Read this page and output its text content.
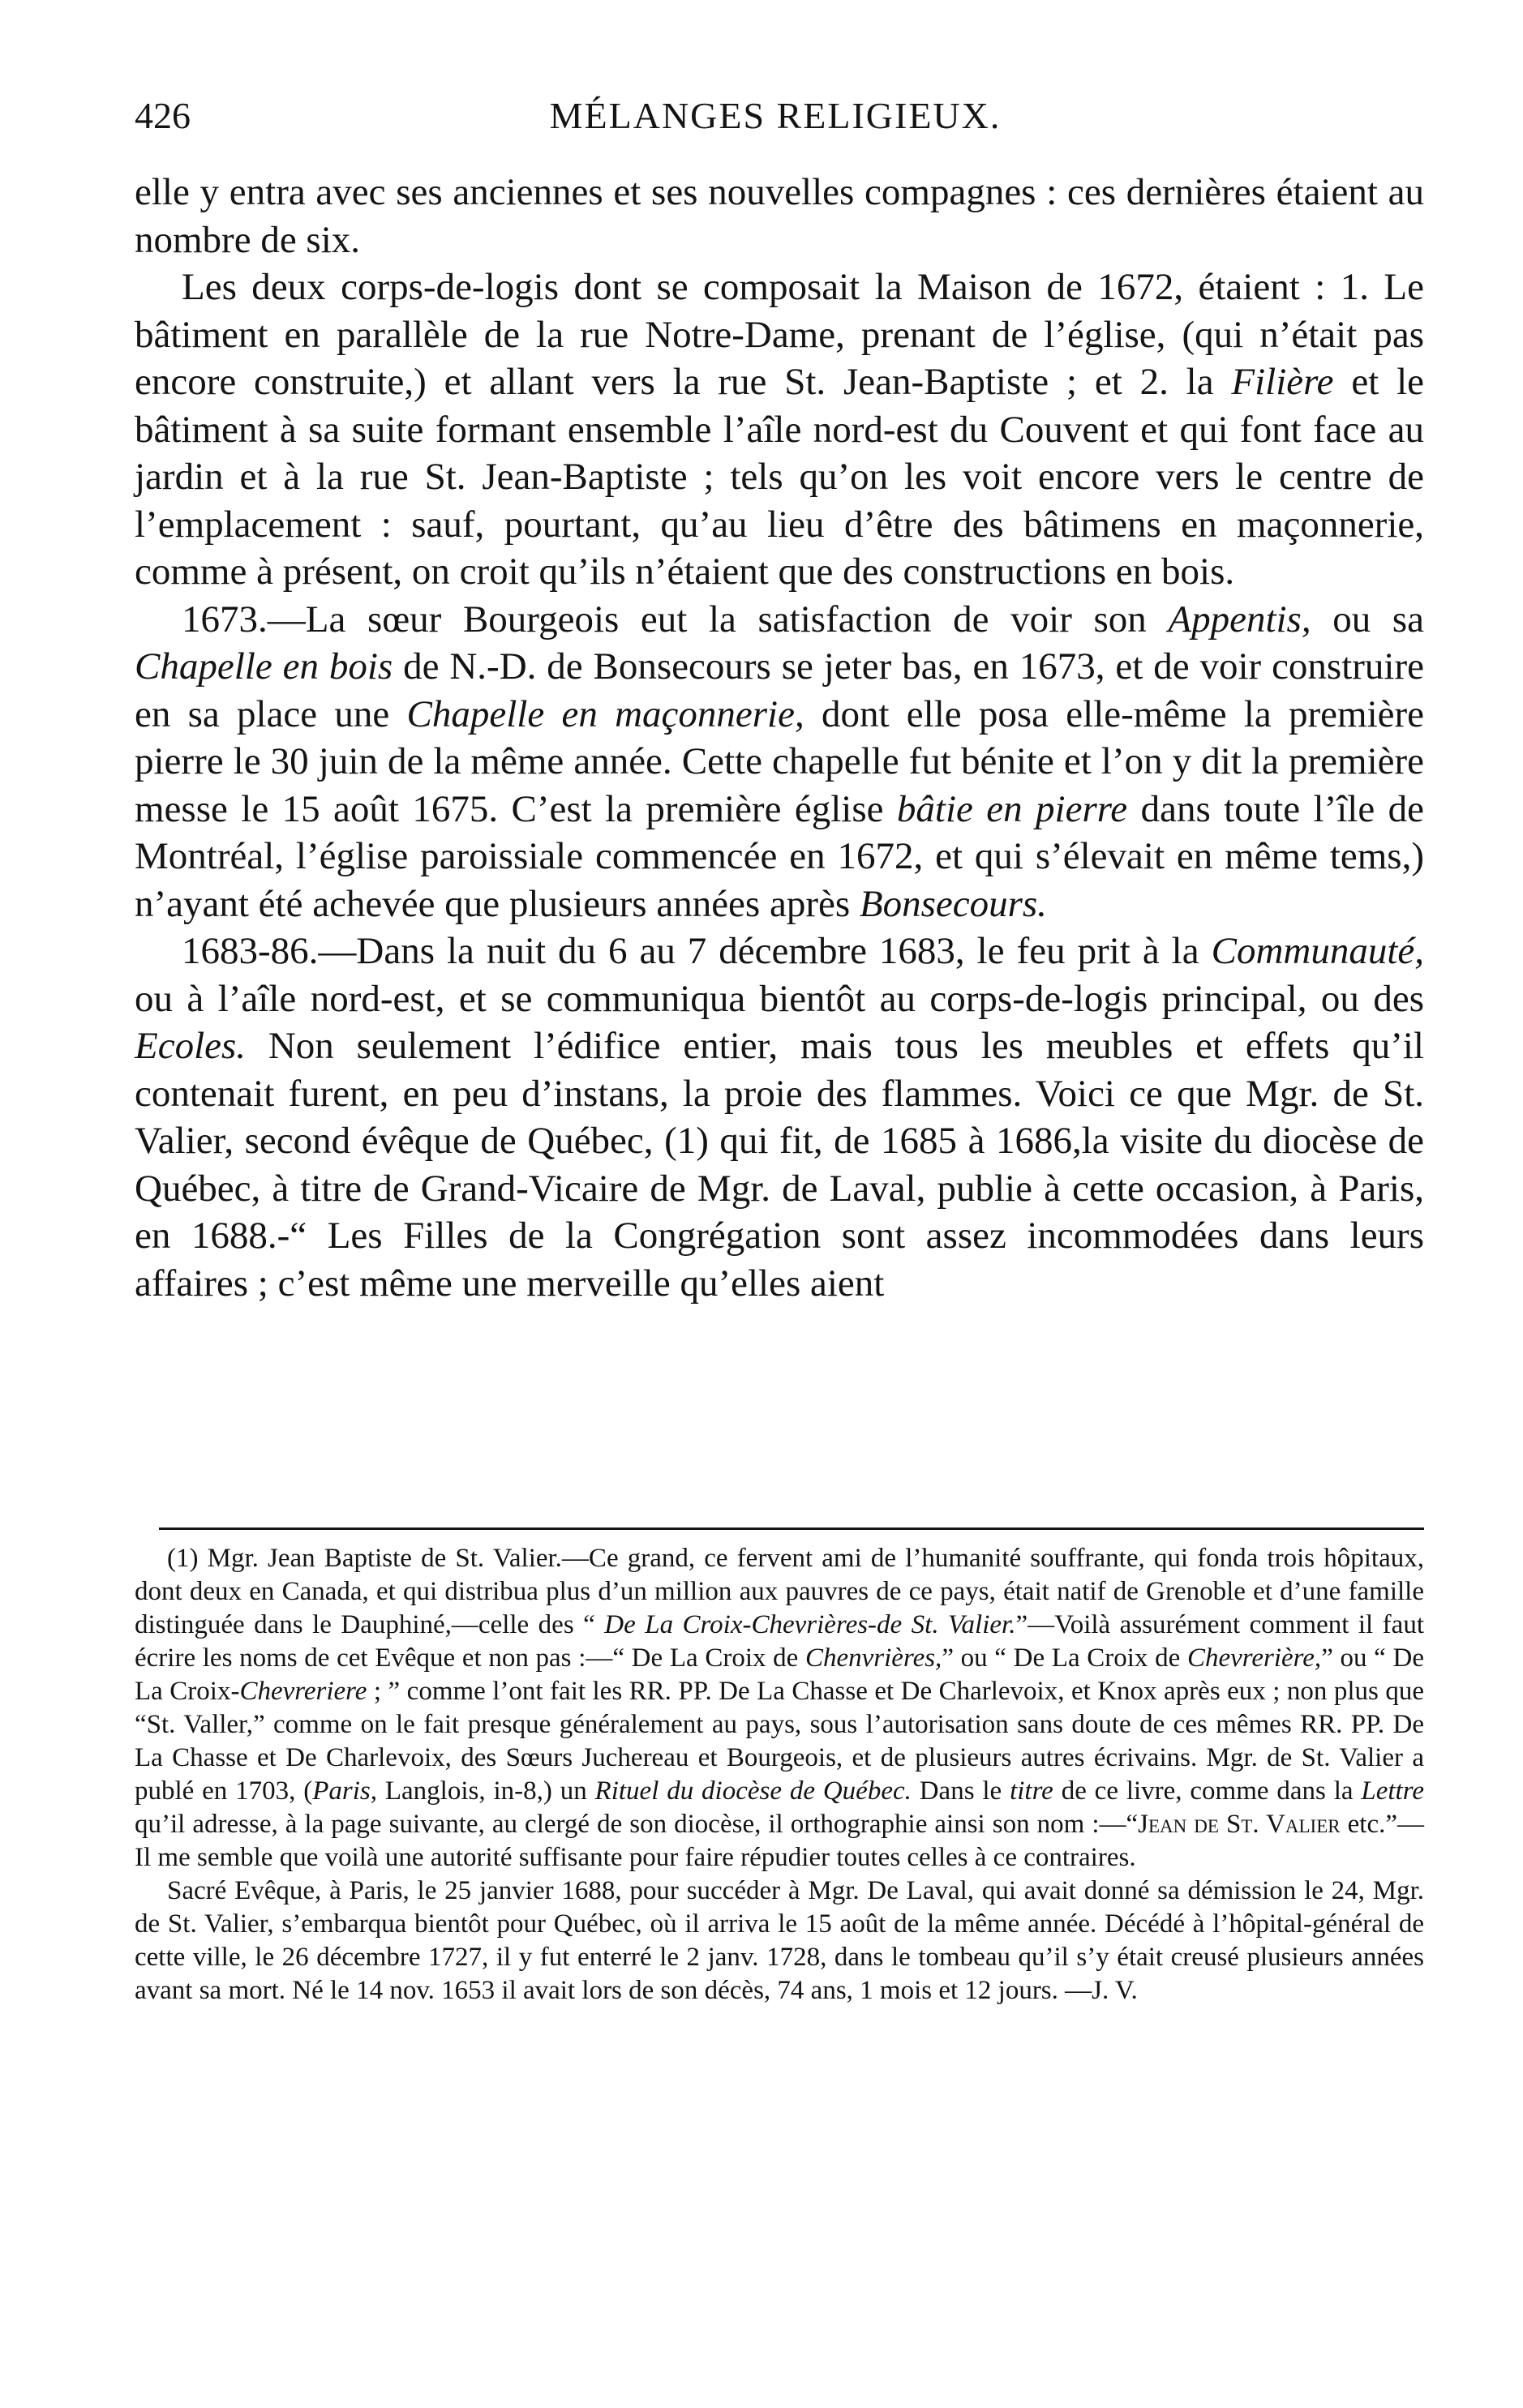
426	MÉLANGES RELIGIEUX.

elle y entra avec ses anciennes et ses nouvelles compagnes : ces dernières étaient au nombre de six.

Les deux corps-de-logis dont se composait la Maison de 1672, étaient : 1. Le bâtiment en parallèle de la rue Notre-Dame, prenant de l’église, (qui n’était pas encore construite,) et allant vers la rue St. Jean-Baptiste ; et 2. la Filière et le bâtiment à sa suite formant ensemble l’aîle nord-est du Couvent et qui font face au jardin et à la rue St. Jean-Baptiste ; tels qu’on les voit encore vers le centre de l’emplacement : sauf, pourtant, qu’au lieu d’être des bâtimens en maçonnerie, comme à présent, on croit qu’ils n’étaient que des constructions en bois.

1673.—La sœur Bourgeois eut la satisfaction de voir son Appentis, ou sa Chapelle en bois de N.-D. de Bonsecours se jeter bas, en 1673, et de voir construire en sa place une Chapelle en maçonnerie, dont elle posa elle-même la première pierre le 30 juin de la même année. Cette chapelle fut bénite et l’on y dit la première messe le 15 août 1675. C’est la première église bâtie en pierre dans toute l’île de Montréal, l’église paroissiale commencée en 1672, et qui s’élevait en même tems,) n’ayant été achevée que plusieurs années après Bonsecours.

1683-86.—Dans la nuit du 6 au 7 décembre 1683, le feu prit à la Communauté, ou à l’aîle nord-est, et se communiqua bientôt au corps-de-logis principal, ou des Ecoles. Non seulement l’édifice entier, mais tous les meubles et effets qu’il contenait furent, en peu d’instans, la proie des flammes. Voici ce que Mgr. de St. Valier, second évêque de Québec, (1) qui fit, de 1685 à 1686,la visite du diocèse de Québec, à titre de Grand-Vicaire de Mgr. de Laval, publie à cette occasion, à Paris, en 1688.-“ Les Filles de la Congrégation sont assez incommodées dans leurs affaires ; c’est même une merveille qu’elles aient

(1) Mgr. Jean Baptiste de St. Valier.—Ce grand, ce fervent ami de l’humanité souffrante, qui fonda trois hôpitaux, dont deux en Canada, et qui distribua plus d’un million aux pauvres de ce pays, était natif de Grenoble et d’une famille distinguée dans le Dauphiné,—celle des “ De La Croix-Chevrières-de St. Valier.”—Voilà assurément comment il faut écrire les noms de cet Evêque et non pas :—“ De La Croix de Chenvrières,” ou “ De La Croix de Chevrerière,” ou “ De La Croix-Chevreriere ; ” comme l’ont fait les RR. PP. De La Chasse et De Charlevoix, et Knox après eux ; non plus que “St. Valler,” comme on le fait presque généralement au pays, sous l’autorisation sans doute de ces mêmes RR. PP. De La Chasse et De Charlevoix, des Sœurs Juchereau et Bourgeois, et de plusieurs autres écrivains. Mgr. de St. Valier a publé en 1703, (Paris, Langlois, in-8,) un Rituel du diocèse de Québec. Dans le titre de ce livre, comme dans la Lettre qu’il adresse, à la page suivante, au clergé de son diocèse, il orthographie ainsi son nom :—“Jean de St. Valier etc.”—Il me semble que voilà une autorité suffisante pour faire répudier toutes celles à ce contraires.

Sacré Evêque, à Paris, le 25 janvier 1688, pour succéder à Mgr. De Laval, qui avait donné sa démission le 24, Mgr. de St. Valier, s’embarqua bientôt pour Québec, où il arriva le 15 août de la même année. Décédé à l’hôpital-général de cette ville, le 26 décembre 1727, il y fut enterré le 2 janv. 1728, dans le tombeau qu’il s’y était creusé plusieurs années avant sa mort. Né le 14 nov. 1653 il avait lors de son décès, 74 ans, 1 mois et 12 jours. —J. V.
